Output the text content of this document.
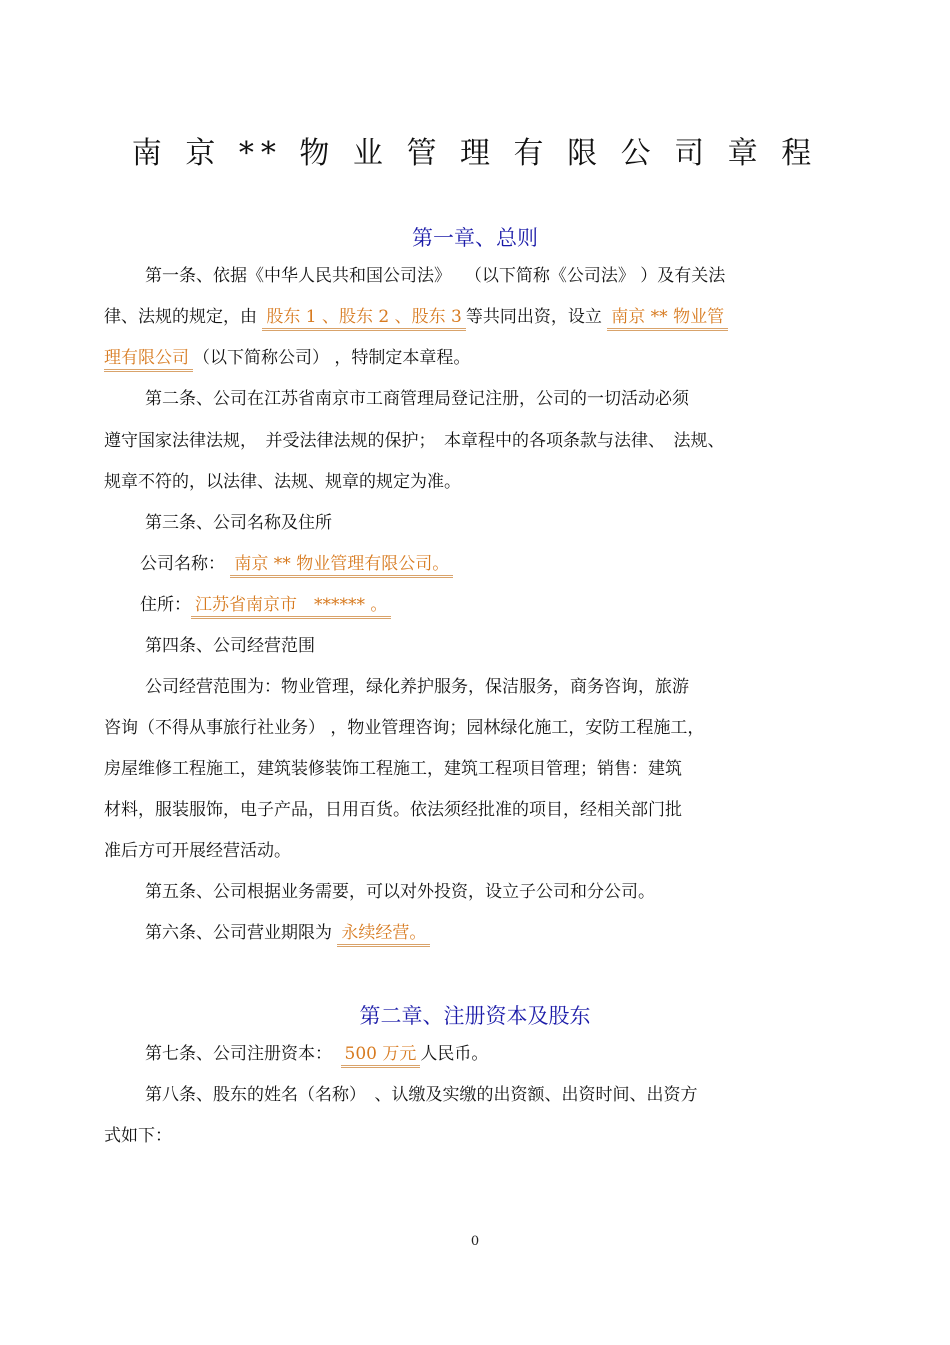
南 京 ** 物 业 管 理 有 限 公 司 章 程
第一章、总则
第一条、依据《中华人民共和国公司法》　 （以下简称《公司法》 ）及有关法
律、法规的规定，由 股东 1 、股东 2 、股东 3 等共同出资，设立 南京 ** 物业管
理有限公司（以下简称公司） ，特制定本章程。
第二条、公司在江苏省南京市工商管理局登记注册，公司的一切活动必须
遵守国家法律法规，　并受法律法规的保护；　本章程中的各项条款与法律、　法规、
规章不符的，以法律、法规、规章的规定为准。
第三条、公司名称及住所
公司名称： 南京 ** 物业管理有限公司。
住所： 江苏省南京市　****** 。
第四条、公司经营范围
公司经营范围为：物业管理，绿化养护服务，保洁服务，商务咨询，旅游
咨询（不得从事旅行社业务） ，物业管理咨询；园林绿化施工，安防工程施工，
房屋维修工程施工，建筑装修装饰工程施工，建筑工程项目管理；销售：建筑
材料，服装服饰，电子产品，日用百货。依法须经批准的项目，经相关部门批
准后方可开展经营活动。
第五条、公司根据业务需要，可以对外投资，设立子公司和分公司。
第六条、公司营业期限为 永续经营。
第二章、注册资本及股东
第七条、公司注册资本：　500 万元 人民币。
第八条、股东的姓名（名称）　、认缴及实缴的出资额、出资时间、出资方
式如下：
0
